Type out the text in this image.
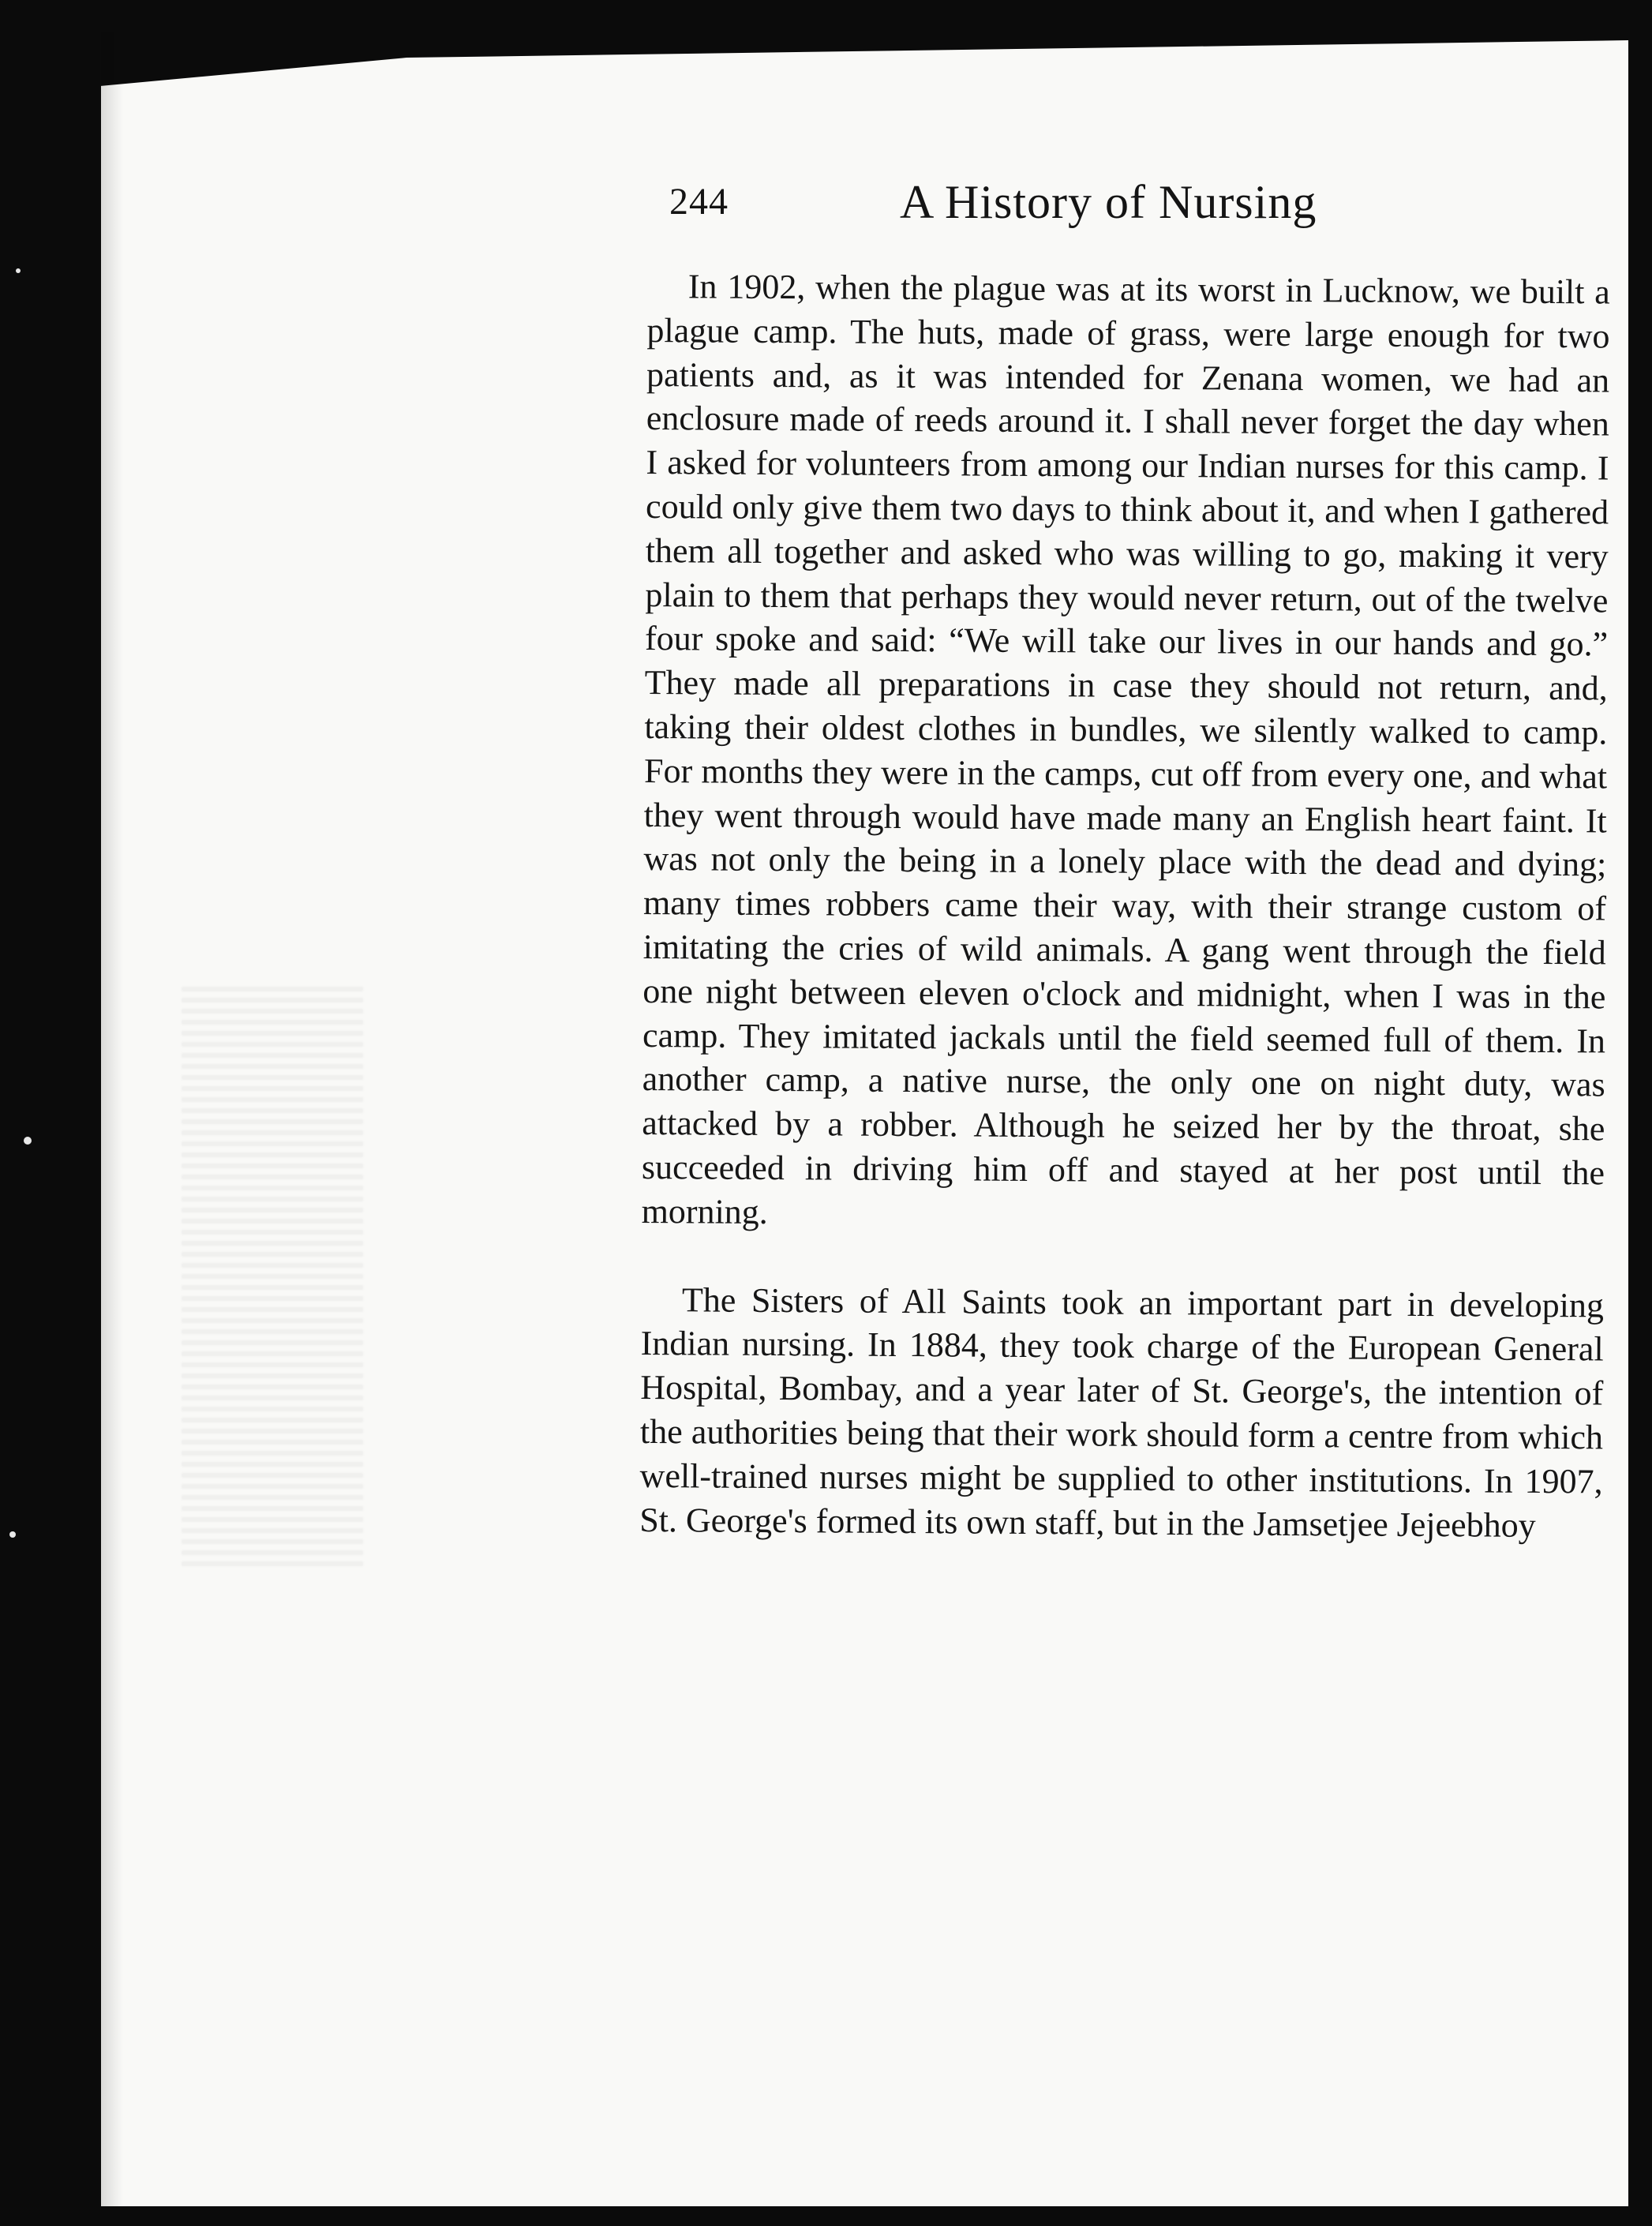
244	A History of Nursing

In 1902, when the plague was at its worst in Lucknow, we built a plague camp. The huts, made of grass, were large enough for two patients and, as it was intended for Zenana women, we had an enclosure made of reeds around it. I shall never forget the day when I asked for volunteers from among our Indian nurses for this camp. I could only give them two days to think about it, and when I gathered them all together and asked who was willing to go, making it very plain to them that perhaps they would never return, out of the twelve four spoke and said: “We will take our lives in our hands and go.” They made all preparations in case they should not return, and, taking their oldest clothes in bundles, we silently walked to camp. For months they were in the camps, cut off from every one, and what they went through would have made many an English heart faint. It was not only the being in a lonely place with the dead and dying; many times robbers came their way, with their strange custom of imitating the cries of wild animals. A gang went through the field one night between eleven o'clock and midnight, when I was in the camp. They imitated jackals until the field seemed full of them. In another camp, a native nurse, the only one on night duty, was attacked by a robber. Although he seized her by the throat, she succeeded in driving him off and stayed at her post until the morning.

The Sisters of All Saints took an important part in developing Indian nursing. In 1884, they took charge of the European General Hospital, Bombay, and a year later of St. George's, the intention of the authorities being that their work should form a centre from which well-trained nurses might be supplied to other institutions. In 1907, St. George's formed its own staff, but in the Jamsetjee Jejeebhoy
